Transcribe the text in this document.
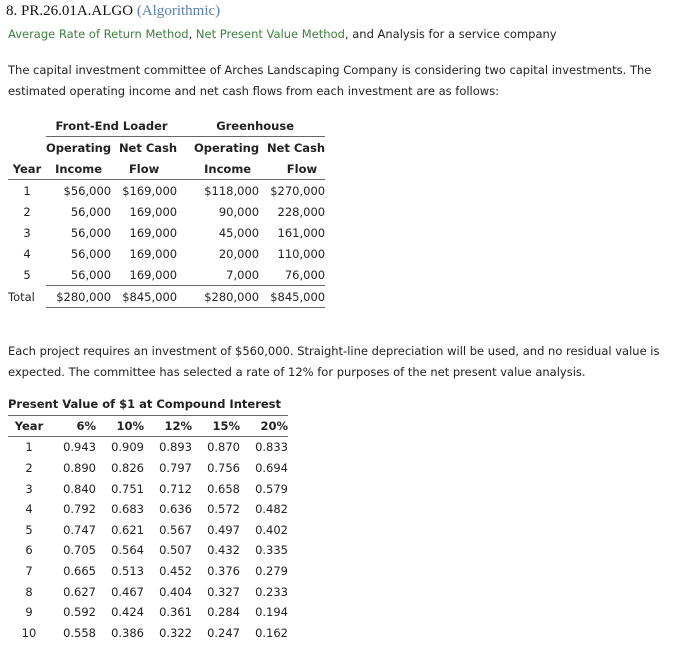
8. PR.26.01A.ALGO (Algorithmic)
Average Rate of Return Method, Net Present Value Method, and Analysis for a service company
The capital investment committee of Arches Landscaping Company is considering two capital investments. The estimated operating income and net cash flows from each investment are as follows:
	Front-End Loader		Greenhouse	
	Operating	Net Cash	Operating	Net Cash
Year	Income	Flow	Income	Flow
1	$56,000	$169,000	$118,000	$270,000
2	56,000	169,000	90,000	228,000
3	56,000	169,000	45,000	161,000
4	56,000	169,000	20,000	110,000
5	56,000	169,000	7,000	76,000
Total	$280,000	$845,000	$280,000	$845,000
Each project requires an investment of $560,000. Straight-line depreciation will be used, and no residual value is expected. The committee has selected a rate of 12% for purposes of the net present value analysis.
Present Value of $1 at Compound Interest					
Year	6%	10%	12%	15%	20%
1	0.943	0.909	0.893	0.870	0.833
2	0.890	0.826	0.797	0.756	0.694
3	0.840	0.751	0.712	0.658	0.579
4	0.792	0.683	0.636	0.572	0.482
5	0.747	0.621	0.567	0.497	0.402
6	0.705	0.564	0.507	0.432	0.335
7	0.665	0.513	0.452	0.376	0.279
8	0.627	0.467	0.404	0.327	0.233
9	0.592	0.424	0.361	0.284	0.194
10	0.558	0.386	0.322	0.247	0.162
